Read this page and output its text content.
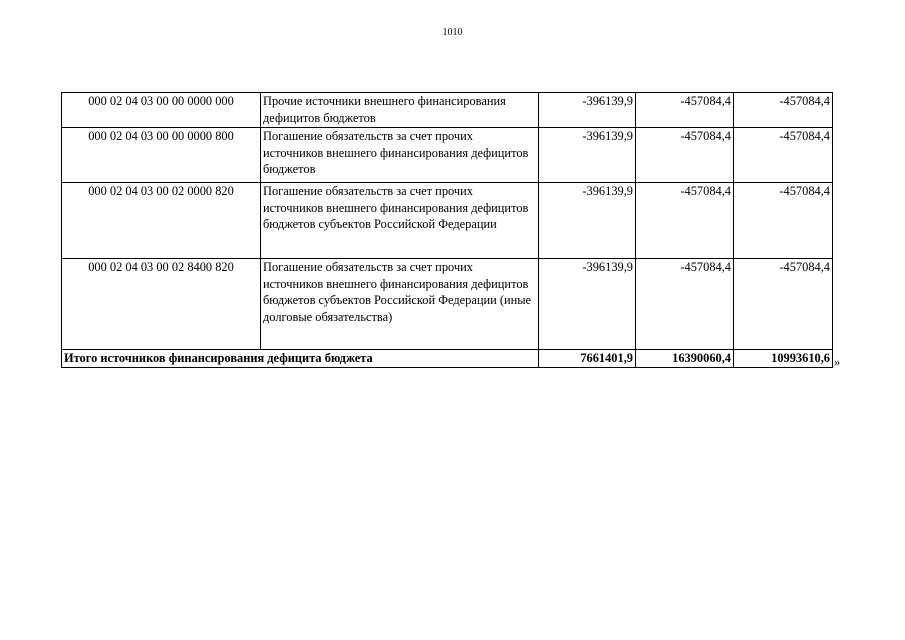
1010
000 02 04 03 00 00 0000 000	Прочие источники внешнего финансирования дефицитов бюджетов	-396139,9	-457084,4	-457084,4
000 02 04 03 00 00 0000 800	Погашение обязательств за счет прочих источников внешнего финансирования дефицитов бюджетов	-396139,9	-457084,4	-457084,4
000 02 04 03 00 02 0000 820	Погашение обязательств за счет прочих источников внешнего финансирования дефицитов бюджетов субъектов Российской Федерации	-396139,9	-457084,4	-457084,4
000 02 04 03 00 02 8400 820	Погашение обязательств за счет прочих источников внешнего финансирования дефицитов бюджетов субъектов Российской Федерации (иные долговые обязательства)	-396139,9	-457084,4	-457084,4
Итого источников финансирования дефицита бюджета		7661401,9	16390060,4	10993610,6 »
